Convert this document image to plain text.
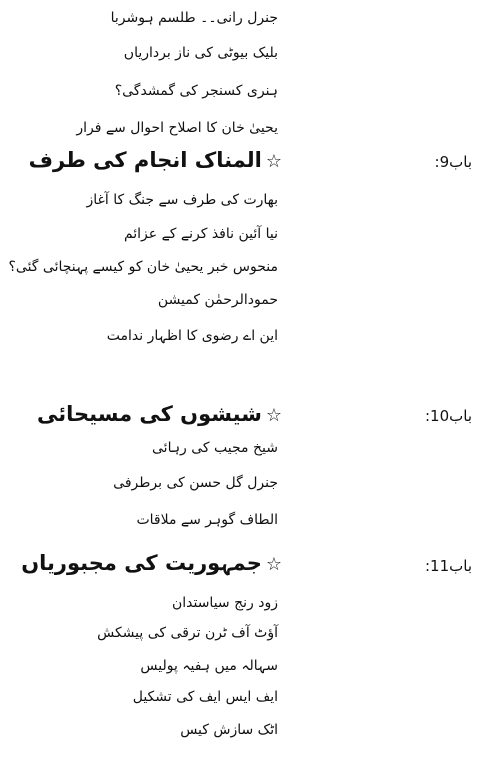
جنرل رانی۔۔ طلسم ہوشربا
بلیک بیوٹی کی ناز برداریاں
ہنری کسنجر کی گمشدگی؟
یحییٰ خان کا اصلاح احوال سے فرار
باب9:
☆المناک انجام کی طرف
بھارت کی طرف سے جنگ کا آغاز
نیا آئین نافذ کرنے کے عزائم
منحوس خبر یحییٰ خان کو کیسے پہنچائی گئی؟
حمودالرحمٰن کمیشن
این اے رضوی کا اظہار ندامت
باب10:
☆شیشوں کی مسیحائی
شیخ مجیب کی رہائی
جنرل گل حسن کی برطرفی
الطاف گوہر سے ملاقات
باب11:
☆جمہوریت کی مجبوریاں
زود رنج سیاستدان
آؤٹ آف ٹرن ترقی کی پیشکش
سہالہ میں ہفیہ پولیس
ایف ایس ایف کی تشکیل
اٹک سازش کیس
